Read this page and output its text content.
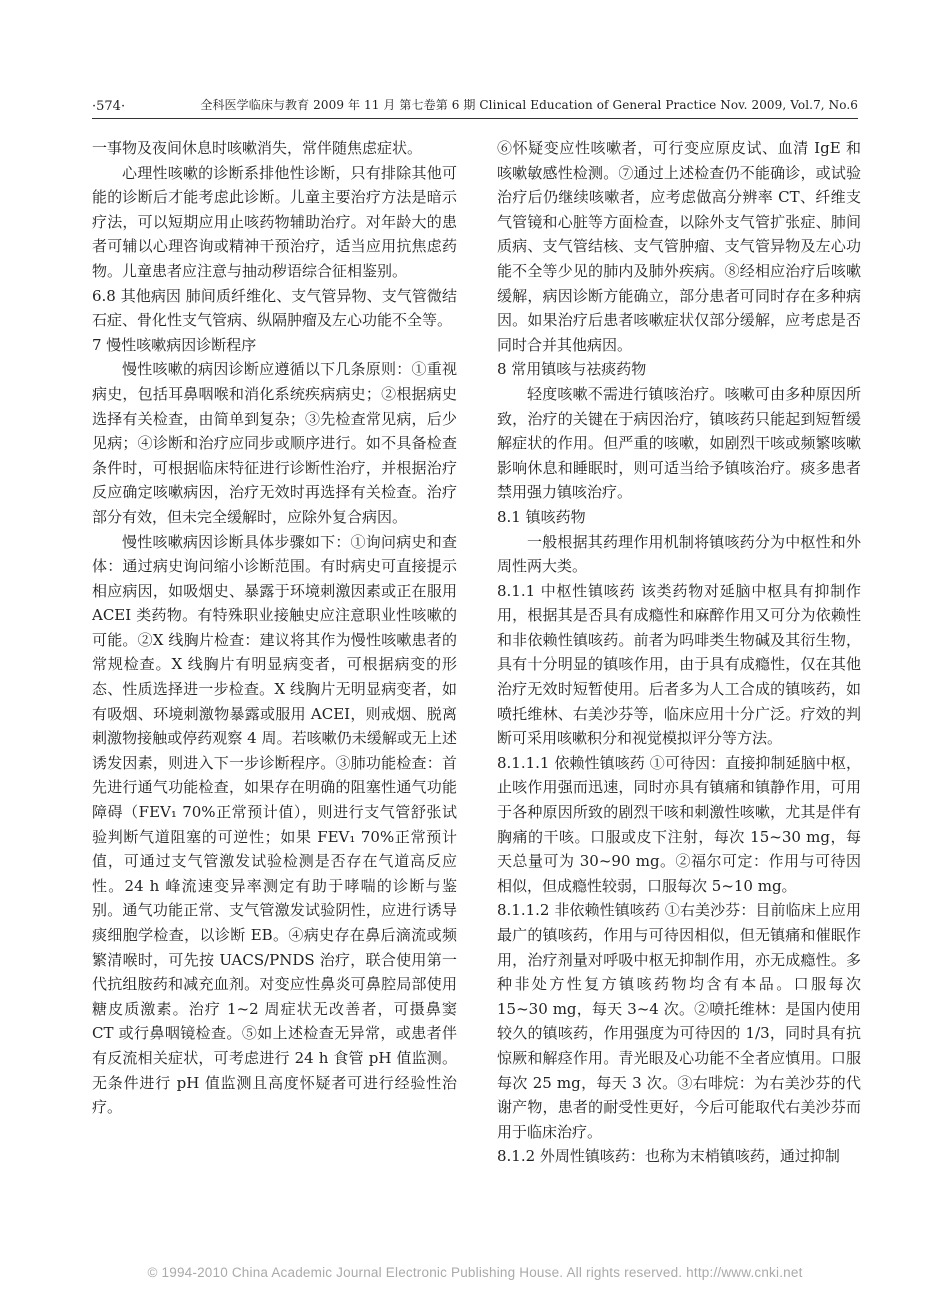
·574·	全科医学临床与教育 2009 年 11 月 第七卷第 6 期 Clinical Education of General Practice Nov. 2009, Vol.7, No.6

一事物及夜间休息时咳嗽消失，常伴随焦虑症状。

心理性咳嗽的诊断系排他性诊断，只有排除其他可能的诊断后才能考虑此诊断。儿童主要治疗方法是暗示疗法，可以短期应用止咳药物辅助治疗。对年龄大的患者可辅以心理咨询或精神干预治疗，适当应用抗焦虑药物。儿童患者应注意与抽动秽语综合征相鉴别。

6.8 其他病因 肺间质纤维化、支气管异物、支气管微结石症、骨化性支气管病、纵隔肿瘤及左心功能不全等。

7 慢性咳嗽病因诊断程序

慢性咳嗽的病因诊断应遵循以下几条原则：①重视病史，包括耳鼻咽喉和消化系统疾病病史；②根据病史选择有关检查，由简单到复杂；③先检查常见病，后少见病；④诊断和治疗应同步或顺序进行。如不具备检查条件时，可根据临床特征进行诊断性治疗，并根据治疗反应确定咳嗽病因，治疗无效时再选择有关检查。治疗部分有效，但未完全缓解时，应除外复合病因。

慢性咳嗽病因诊断具体步骤如下：①询问病史和查体：通过病史询问缩小诊断范围。有时病史可直接提示相应病因，如吸烟史、暴露于环境刺激因素或正在服用 ACEI 类药物。有特殊职业接触史应注意职业性咳嗽的可能。②X 线胸片检查：建议将其作为慢性咳嗽患者的常规检查。X 线胸片有明显病变者，可根据病变的形态、性质选择进一步检查。X 线胸片无明显病变者，如有吸烟、环境刺激物暴露或服用 ACEI，则戒烟、脱离刺激物接触或停药观察 4 周。若咳嗽仍未缓解或无上述诱发因素，则进入下一步诊断程序。③肺功能检查：首先进行通气功能检查，如果存在明确的阻塞性通气功能障碍（FEV₁ 70%正常预计值），则进行支气管舒张试验判断气道阻塞的可逆性；如果 FEV₁ 70%正常预计值，可通过支气管激发试验检测是否存在气道高反应性。24 h 峰流速变异率测定有助于哮喘的诊断与鉴别。通气功能正常、支气管激发试验阴性，应进行诱导痰细胞学检查，以诊断 EB。④病史存在鼻后滴流或频繁清喉时，可先按 UACS/PNDS 治疗，联合使用第一代抗组胺药和减充血剂。对变应性鼻炎可鼻腔局部使用糖皮质激素。治疗 1~2 周症状无改善者，可摄鼻窦 CT 或行鼻咽镜检查。⑤如上述检查无异常，或患者伴有反流相关症状，可考虑进行 24 h 食管 pH 值监测。无条件进行 pH 值监测且高度怀疑者可进行经验性治疗。

⑥怀疑变应性咳嗽者，可行变应原皮试、血清 IgE 和咳嗽敏感性检测。⑦通过上述检查仍不能确诊，或试验治疗后仍继续咳嗽者，应考虑做高分辨率 CT、纤维支气管镜和心脏等方面检查，以除外支气管扩张症、肺间质病、支气管结核、支气管肿瘤、支气管异物及左心功能不全等少见的肺内及肺外疾病。⑧经相应治疗后咳嗽缓解，病因诊断方能确立，部分患者可同时存在多种病因。如果治疗后患者咳嗽症状仅部分缓解，应考虑是否同时合并其他病因。

8 常用镇咳与祛痰药物

轻度咳嗽不需进行镇咳治疗。咳嗽可由多种原因所致，治疗的关键在于病因治疗，镇咳药只能起到短暂缓解症状的作用。但严重的咳嗽，如剧烈干咳或频繁咳嗽影响休息和睡眠时，则可适当给予镇咳治疗。痰多患者禁用强力镇咳治疗。

8.1 镇咳药物

一般根据其药理作用机制将镇咳药分为中枢性和外周性两大类。

8.1.1 中枢性镇咳药 该类药物对延脑中枢具有抑制作用，根据其是否具有成瘾性和麻醉作用又可分为依赖性和非依赖性镇咳药。前者为吗啡类生物碱及其衍生物，具有十分明显的镇咳作用，由于具有成瘾性，仅在其他治疗无效时短暂使用。后者多为人工合成的镇咳药，如喷托维林、右美沙芬等，临床应用十分广泛。疗效的判断可采用咳嗽积分和视觉模拟评分等方法。

8.1.1.1 依赖性镇咳药 ①可待因：直接抑制延脑中枢，止咳作用强而迅速，同时亦具有镇痛和镇静作用，可用于各种原因所致的剧烈干咳和刺激性咳嗽，尤其是伴有胸痛的干咳。口服或皮下注射，每次 15~30 mg，每天总量可为 30~90 mg。②福尔可定：作用与可待因相似，但成瘾性较弱，口服每次 5~10 mg。

8.1.1.2 非依赖性镇咳药 ①右美沙芬：目前临床上应用最广的镇咳药，作用与可待因相似，但无镇痛和催眠作用，治疗剂量对呼吸中枢无抑制作用，亦无成瘾性。多种非处方性复方镇咳药物均含有本品。口服每次 15~30 mg，每天 3~4 次。②喷托维林：是国内使用较久的镇咳药，作用强度为可待因的 1/3，同时具有抗惊厥和解痉作用。青光眼及心功能不全者应慎用。口服每次 25 mg，每天 3 次。③右啡烷：为右美沙芬的代谢产物，患者的耐受性更好，今后可能取代右美沙芬而用于临床治疗。

8.1.2 外周性镇咳药：也称为末梢镇咳药，通过抑制

© 1994-2010 China Academic Journal Electronic Publishing House. All rights reserved. http://www.cnki.net
